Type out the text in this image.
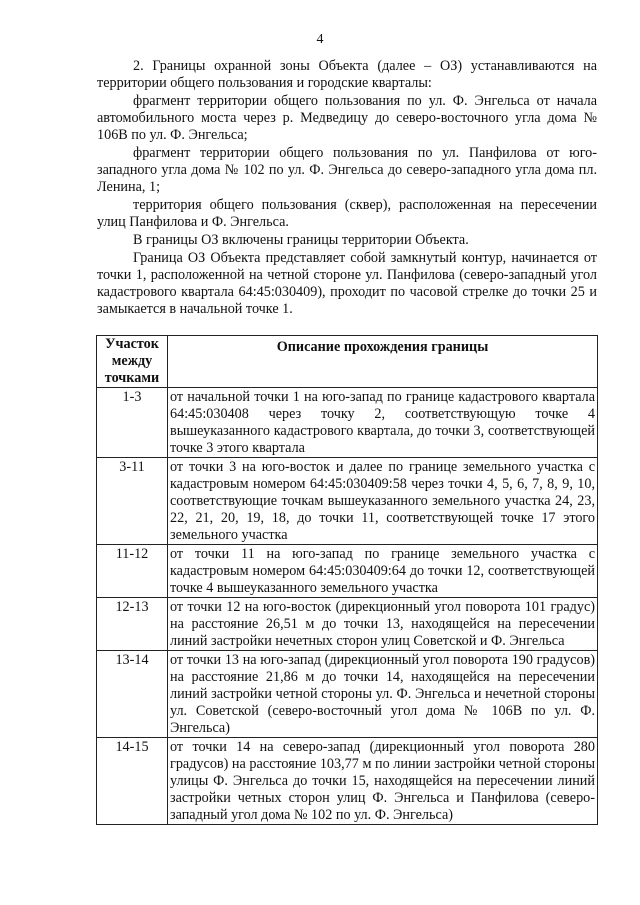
4

2. Границы охранной зоны Объекта (далее – ОЗ) устанавливаются на территории общего пользования и городские кварталы:

фрагмент территории общего пользования по ул. Ф. Энгельса от начала автомобильного моста через р. Медведицу до северо-восточного угла дома № 106В по ул. Ф. Энгельса;

фрагмент территории общего пользования по ул. Панфилова от юго-западного угла дома № 102 по ул. Ф. Энгельса до северо-западного угла дома пл. Ленина, 1;

территория общего пользования (сквер), расположенная на пересечении улиц Панфилова и Ф. Энгельса.

В границы ОЗ включены границы территории Объекта.

Граница ОЗ Объекта представляет собой замкнутый контур, начинается от точки 1, расположенной на четной стороне ул. Панфилова (северо-западный угол кадастрового квартала 64:45:030409), проходит по часовой стрелке до точки 25 и замыкается в начальной точке 1.

Участок между точками	Описание прохождения границы
1-3	от начальной точки 1 на юго-запад по границе кадастрового квартала 64:45:030408 через точку 2, соответствующую точке 4 вышеуказанного кадастрового квартала, до точки 3, соответствующей точке 3 этого квартала
3-11	от точки 3 на юго-восток и далее по границе земельного участка с кадастровым номером 64:45:030409:58 через точки 4, 5, 6, 7, 8, 9, 10, соответствующие точкам вышеуказанного земельного участка 24, 23, 22, 21, 20, 19, 18, до точки 11, соответствующей точке 17 этого земельного участка
11-12	от точки 11 на юго-запад по границе земельного участка с кадастровым номером 64:45:030409:64 до точки 12, соответствующей точке 4 вышеуказанного земельного участка
12-13	от точки 12 на юго-восток (дирекционный угол поворота 101 градус) на расстояние 26,51 м до точки 13, находящейся на пересечении линий застройки нечетных сторон улиц Советской и Ф. Энгельса
13-14	от точки 13 на юго-запад (дирекционный угол поворота 190 градусов) на расстояние 21,86 м до точки 14, находящейся на пересечении линий застройки четной стороны ул. Ф. Энгельса и нечетной стороны ул. Советской (северо-восточный угол дома № 106В по ул. Ф. Энгельса)
14-15	от точки 14 на северо-запад (дирекционный угол поворота 280 градусов) на расстояние 103,77 м по линии застройки четной стороны улицы Ф. Энгельса до точки 15, находящейся на пересечении линий застройки четных сторон улиц Ф. Энгельса и Панфилова (северо-западный угол дома № 102 по ул. Ф. Энгельса)
